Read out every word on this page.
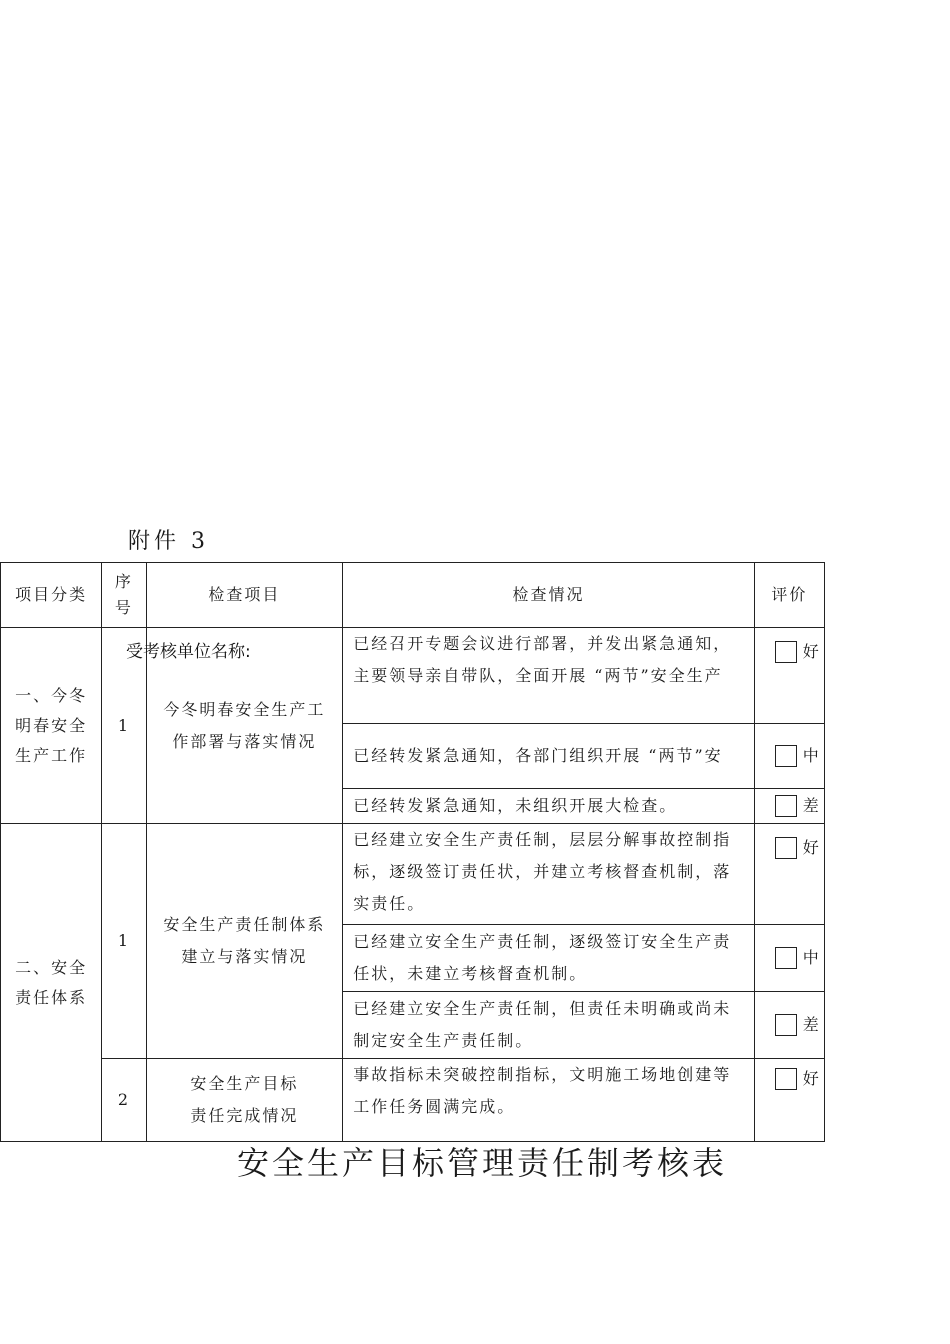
附件 3
项目分类	序号	检查项目	检查情况	评价

一、今冬明春安全生产工作	1	今冬明春安全生产工作部署与落实情况	已经召开专题会议进行部署，并发出紧急通知，主要领导亲自带队，全面开展 “两节”安全生产	好

			已经转发紧急通知，各部门组织开展 “两节”安	中

			已经转发紧急通知，未组织开展大检查。	差

二、安全责任体系	1	安全生产责任制体系建立与落实情况	已经建立安全生产责任制，层层分解事故控制指标，逐级签订责任状，并建立考核督查机制，落实责任。	好

			已经建立安全生产责任制，逐级签订安全生产责任状，未建立考核督查机制。	中

			已经建立安全生产责任制，但责任未明确或尚未制定安全生产责任制。	差

	2	安全生产目标责任完成情况	事故指标未突破控制指标，文明施工场地创建等工作任务圆满完成。	好
受考核单位名称:
安全生产目标管理责任制考核表
